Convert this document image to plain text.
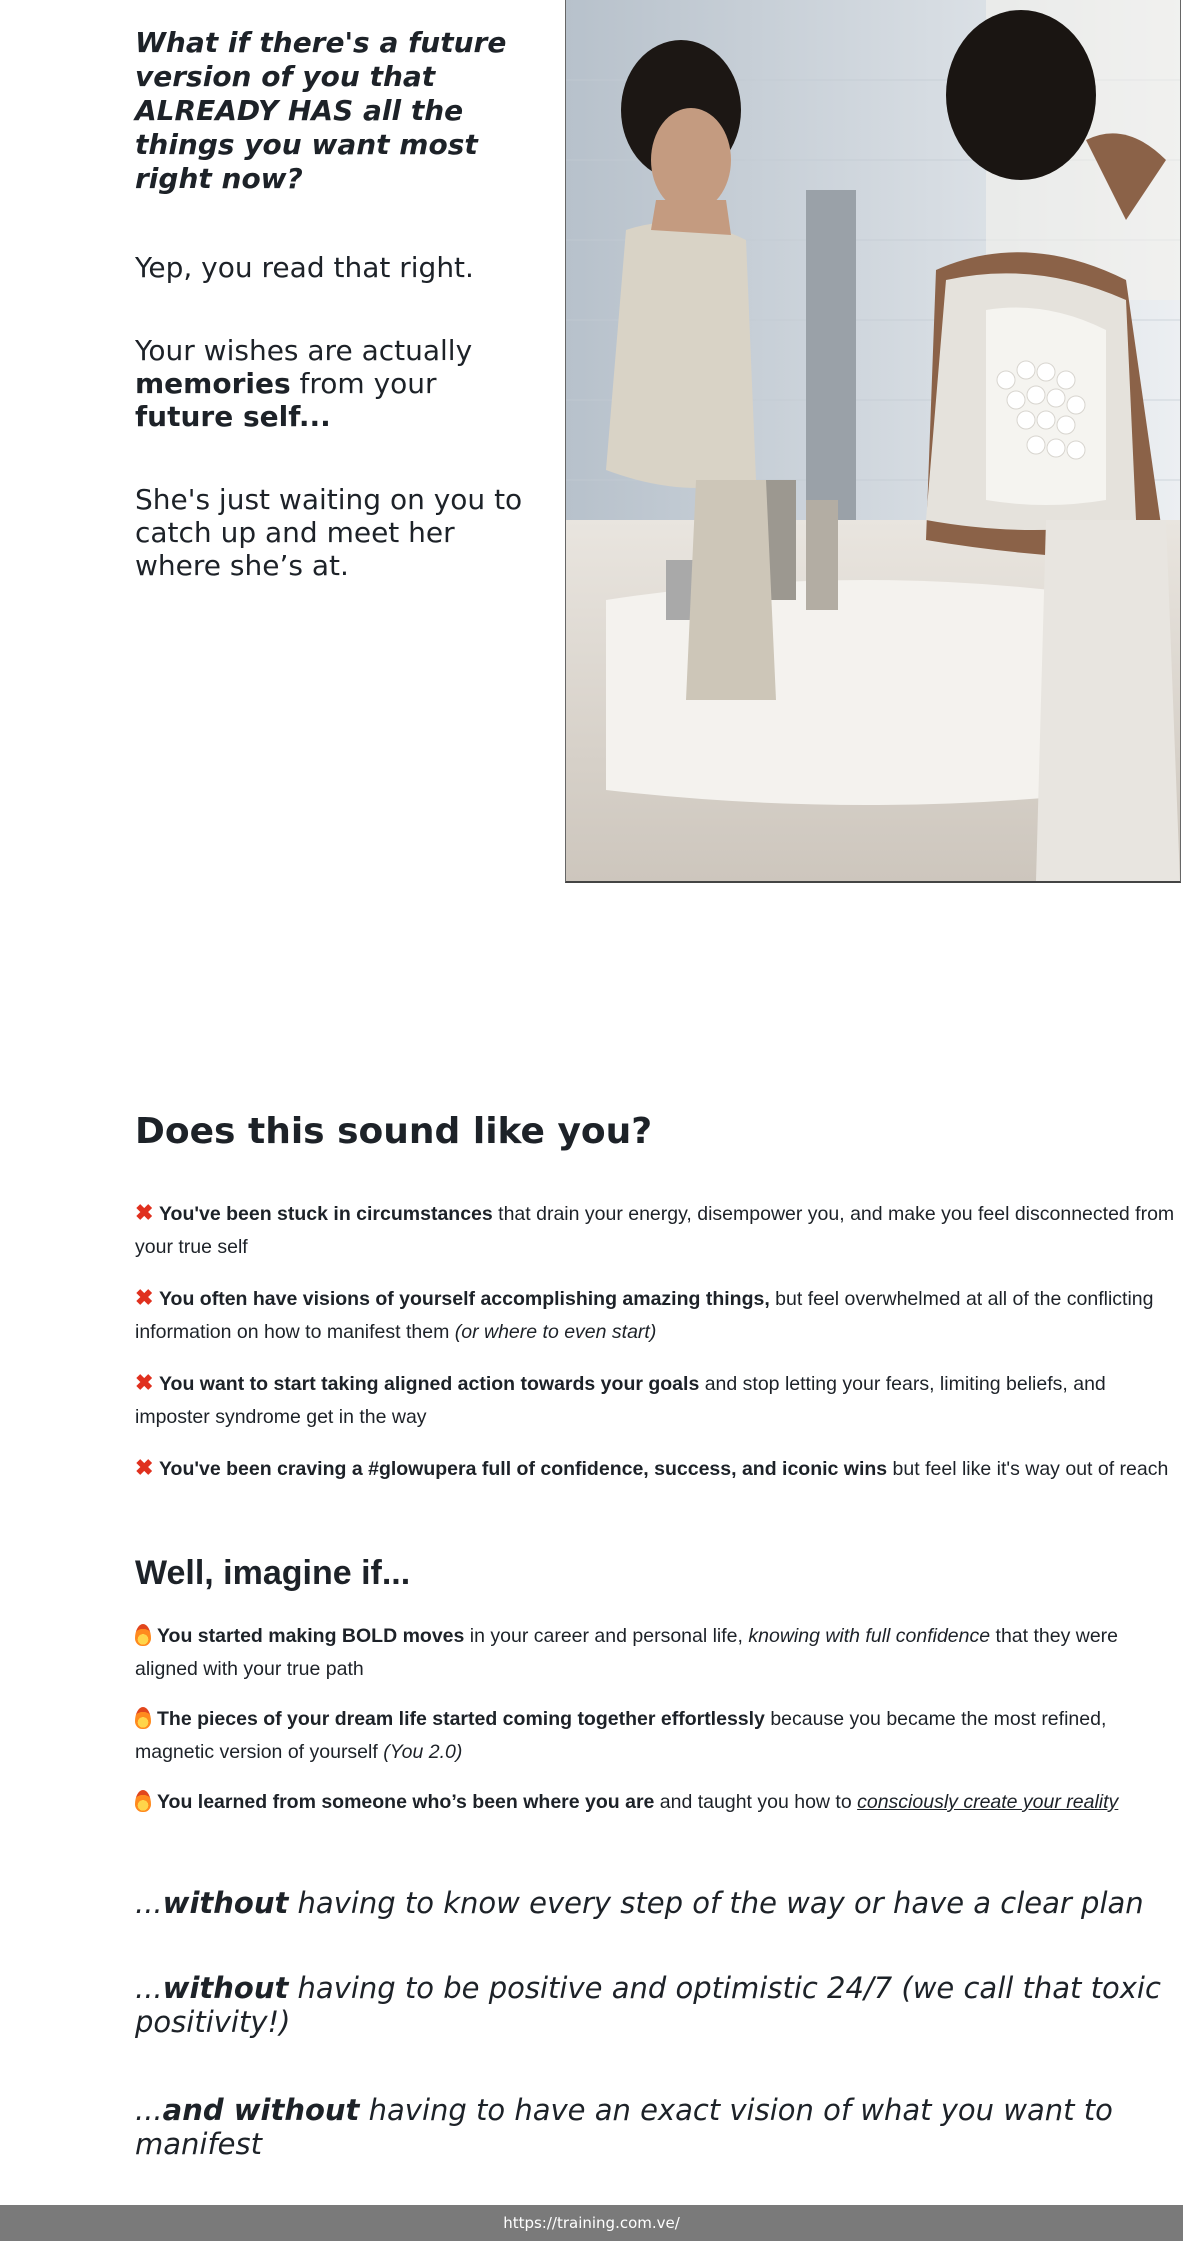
What if there's a future version of you that ALREADY HAS all the things you want most right now?

Yep, you read that right.

Your wishes are actually memories from your future self...

She's just waiting on you to catch up and meet her where she’s at.

Does this sound like you?
✖ You've been stuck in circumstances that drain your energy, disempower you, and make you feel disconnected from your true self
✖ You often have visions of yourself accomplishing amazing things, but feel overwhelmed at all of the conflicting information on how to manifest them (or where to even start)
✖ You want to start taking aligned action towards your goals and stop letting your fears, limiting beliefs, and imposter syndrome get in the way
✖ You've been craving a #glowupera full of confidence, success, and iconic wins but feel like it's way out of reach
Well, imagine if...
You started making BOLD moves in your career and personal life, knowing with full confidence that they were aligned with your true path
The pieces of your dream life started coming together effortlessly because you became the most refined, magnetic version of yourself (You 2.0)
You learned from someone who’s been where you are and taught you how to consciously create your reality

...without having to know every step of the way or have a clear plan

...without having to be positive and optimistic 24/7 (we call that toxic positivity!)

...and without having to have an exact vision of what you want to manifest

https://training.com.ve/
